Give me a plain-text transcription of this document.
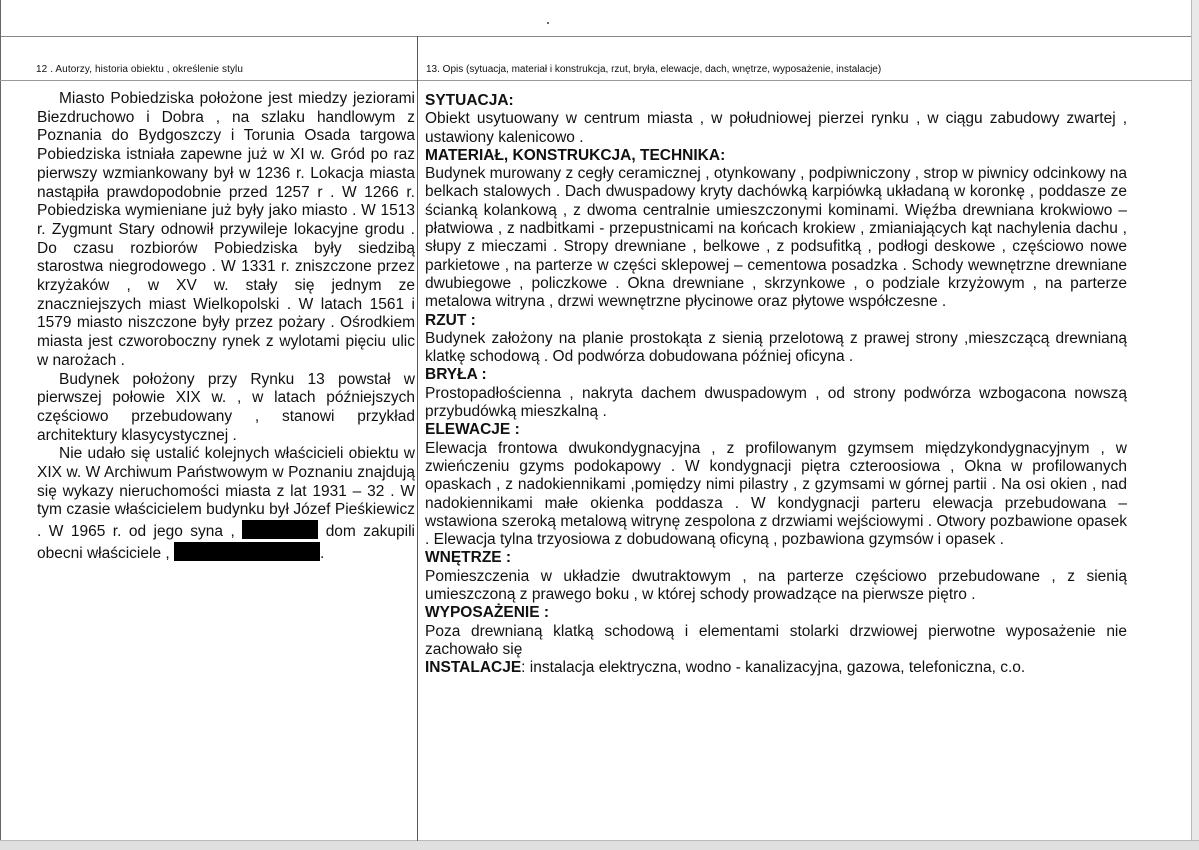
12 . Autorzy, historia obiektu , określenie stylu	13. Opis (sytuacja, materiał i konstrukcja, rzut, bryła, elewacje, dach, wnętrze, wyposażenie, instalacje)

Miasto Pobiedziska położone jest miedzy jeziorami Biezdruchowo i Dobra , na szlaku handlowym z Poznania do Bydgoszczy i Torunia Osada targowa Pobiedziska istniała zapewne już w XI w. Gród po raz pierwszy wzmiankowany był w 1236 r. Lokacja miasta nastąpiła prawdopodobnie przed 1257 r . W 1266 r. Pobiedziska wymieniane już były jako miasto . W 1513 r. Zygmunt Stary odnowił przywileje lokacyjne grodu . Do czasu rozbiorów Pobiedziska były siedzibą starostwa niegrodowego . W 1331 r. zniszczone przez krzyżaków , w XV w. stały się jednym ze znaczniejszych miast Wielkopolski . W latach 1561 i 1579 miasto niszczone były przez pożary . Ośrodkiem miasta jest czworoboczny rynek z wylotami pięciu ulic w narożach .

Budynek położony przy Rynku 13 powstał w pierwszej połowie XIX w. , w latach późniejszych częściowo przebudowany , stanowi przykład architektury klasycystycznej .

Nie udało się ustalić kolejnych właścicieli obiektu w XIX w. W Archiwum Państwowym w Poznaniu znajdują się wykazy nieruchomości miasta z lat 1931 – 32 . W tym czasie właścicielem budynku był Józef Pieśkiewicz . W 1965 r. od jego syna ,	dom zakupili obecni właściciele ,	.

SYTUACJA:

Obiekt usytuowany w centrum miasta , w południowej pierzei rynku , w ciągu zabudowy zwartej , ustawiony kalenicowo .

MATERIAŁ, KONSTRUKCJA, TECHNIKA:

Budynek murowany z cegły ceramicznej , otynkowany , podpiwniczony , strop w piwnicy odcinkowy na belkach stalowych . Dach dwuspadowy kryty dachówką karpiówką układaną w koronkę , poddasze ze ścianką kolankową , z dwoma centralnie umieszczonymi kominami. Więźba drewniana krokwiowo – płatwiowa , z nadbitkami - przepustnicami na końcach krokiew , zmianiających kąt nachylenia dachu , słupy z mieczami . Stropy drewniane , belkowe , z podsufitką , podłogi deskowe , częściowo nowe parkietowe , na parterze w części sklepowej – cementowa posadzka . Schody wewnętrzne drewniane dwubiegowe , policzkowe . Okna drewniane , skrzynkowe , o podziale krzyżowym , na parterze metalowa witryna , drzwi wewnętrzne płycinowe oraz płytowe współczesne .

RZUT :

Budynek założony na planie prostokąta z sienią przelotową z prawej strony ,mieszczącą drewnianą klatkę schodową . Od podwórza dobudowana później oficyna .

BRYŁA :

Prostopadłościenna , nakryta dachem dwuspadowym , od strony podwórza wzbogacona nowszą przybudówką mieszkalną .

ELEWACJE :

Elewacja frontowa dwukondygnacyjna , z profilowanym gzymsem międzykondygnacyjnym , w zwieńczeniu gzyms podokapowy . W kondygnacji piętra czteroosiowa , Okna w profilowanych opaskach , z nadokiennikami ,pomiędzy nimi pilastry , z gzymsami w górnej partii . Na osi okien , nad nadokiennikami małe okienka poddasza . W kondygnacji parteru elewacja przebudowana – wstawiona szeroką metalową witrynę zespolona z drzwiami wejściowymi . Otwory pozbawione opasek . Elewacja tylna trzyosiowa z dobudowaną oficyną , pozbawiona gzymsów i opasek .

WNĘTRZE :

Pomieszczenia w układzie dwutraktowym , na parterze częściowo przebudowane , z sienią umieszczoną z prawego boku , w której schody prowadzące na pierwsze piętro .

WYPOSAŻENIE :

Poza drewnianą klatką schodową i elementami stolarki drzwiowej pierwotne wyposażenie nie zachowało się

INSTALACJE: instalacja elektryczna, wodno - kanalizacyjna, gazowa, telefoniczna, c.o.
